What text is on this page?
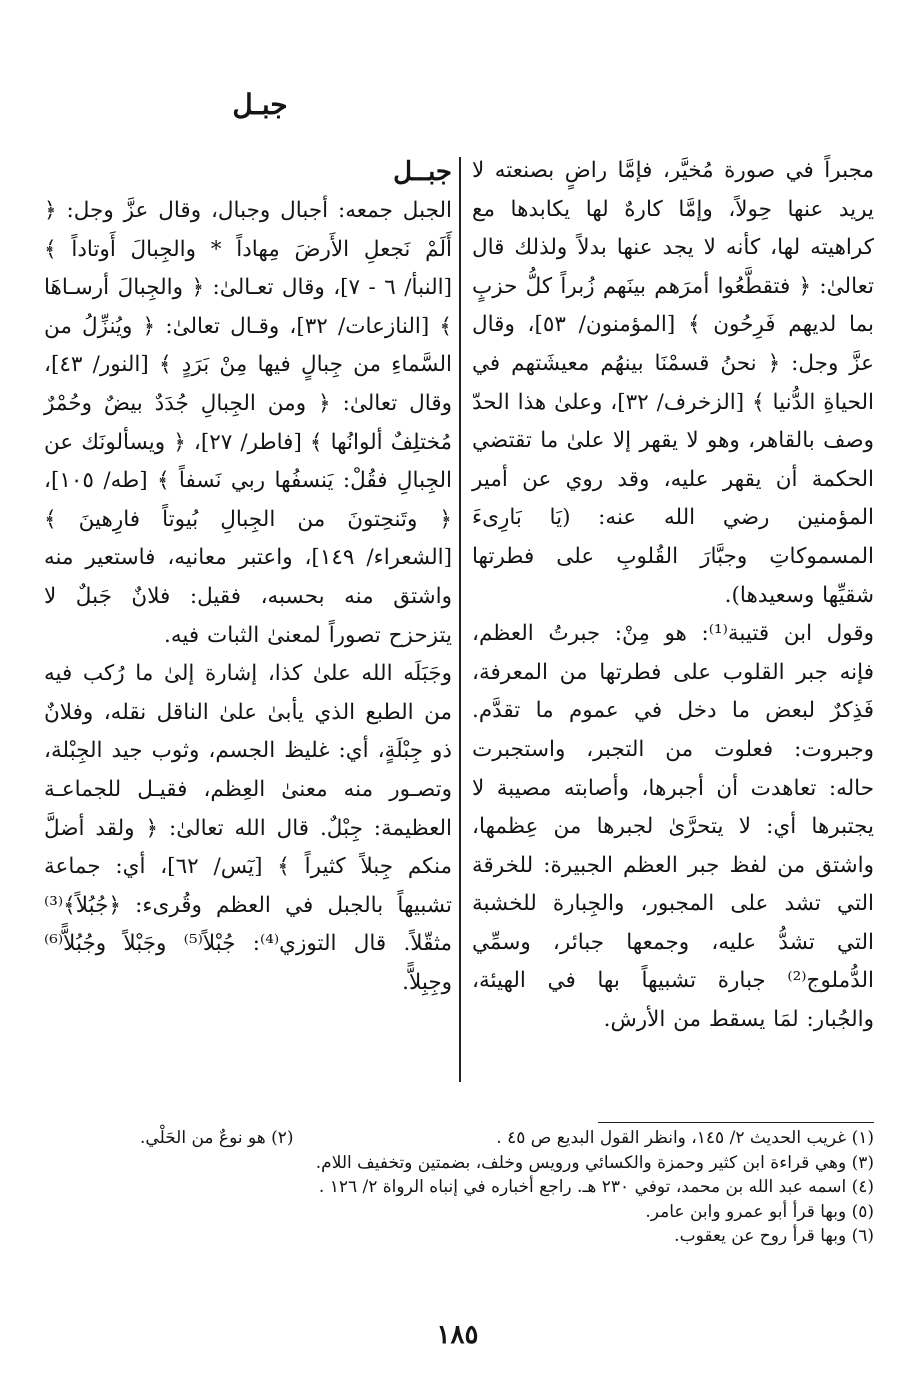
جبـل

مجبراً في صورة مُخيَّر، فإمَّا راضٍ بصنعته لا يريد عنها حِولاً، وإمَّا كارهٌ لها يكابدها مع كراهيته لها، كأنه لا يجد عنها بدلاً ولذلك قال تعالىٰ: ﴿ فتقطَّعُوا أمرَهم بينَهم زُبراً كلُّ حزبٍ بما لديهم فَرِحُون ﴾ [المؤمنون/ ٥٣]، وقال عزَّ وجل: ﴿ نحنُ قسمْنَا بينهُم معيشَتهم في الحياةِ الدُّنيا ﴾ [الزخرف/ ٣٢]، وعلىٰ هذا الحدّ وصف بالقاهر، وهو لا يقهر إلا علىٰ ما تقتضي الحكمة أن يقهر عليه، وقد روي عن أمير المؤمنين رضي الله عنه: (يَا بَارِىءَ المسموكاتِ وجبَّارَ القُلوبِ على فطرتها شقيِّها وسعيدها).

وقول ابن قتيبة⁽¹⁾: هو مِنْ: جبرتُ العظم، فإنه جبر القلوب على فطرتها من المعرفة، فَذِكرٌ لبعض ما دخل في عموم ما تقدَّم. وجبروت: فعلوت من التجبر، واستجبرت حاله: تعاهدت أن أجبرها، وأصابته مصيبة لا يجتبرها أي: لا يتحرَّىٰ لجبرها من عِظمها، واشتق من لفظ جبر العظم الجبيرة: للخرقة التي تشد على المجبور، والجِبارة للخشبة التي تشدُّ عليه، وجمعها جبائر، وسمِّي الدُّملوج⁽²⁾ جبارة تشبيهاً بها في الهيئة، والجُبار: لمَا يسقط من الأرش.

جبــل

الجبل جمعه: أجبال وجبال، وقال عزَّ وجل: ﴿ أَلَمْ نَجعلِ الأَرضَ مِهاداً * والجِبالَ أَوتاداً ﴾ [النبأ/ ٦ - ٧]، وقال تعـالىٰ: ﴿ والجِبالَ أرسـاهَا ﴾ [النازعات/ ٣٢]، وقـال تعالىٰ: ﴿ ويُنزِّلُ من السَّماءِ من جِبالٍ فيها مِنْ بَرَدٍ ﴾ [النور/ ٤٣]، وقال تعالىٰ: ﴿ ومن الجِبالِ جُدَدٌ بيضٌ وحُمْرٌ مُختلِفٌ ألوانُها ﴾ [فاطر/ ٢٧]، ﴿ ويسألونَك عن الجِبالِ فقُلْ: يَنسفُها ربي نَسفاً ﴾ [طه/ ١٠٥]، ﴿ وتَنحِتونَ من الجِبالِ بُيوتاً فارِهينَ ﴾ [الشعراء/ ١٤٩]، واعتبر معانيه، فاستعير منه واشتق منه بحسبه، فقيل: فلانٌ جَبلٌ لا يتزحزح تصوراً لمعنىٰ الثبات فيه.

وجَبَلَه الله علىٰ كذا، إشارة إلىٰ ما رُكب فيه من الطبع الذي يأبىٰ علىٰ الناقل نقله، وفلانٌ ذو جِبْلَةٍ، أي: غليظ الجسم، وثوب جيد الجِبْلة، وتصـور منه معنىٰ العِظم، فقيـل للجماعـة العظيمة: جِبْلٌ. قال الله تعالىٰ: ﴿ ولقد أضلَّ منكم جِبلاً كثيراً ﴾ [يٓس/ ٦٢]، أي: جماعة تشبيهاً بالجبل في العظم وقُرىء: ﴿جُبُلاً﴾⁽³⁾ مثقّلاً. قال التوزي⁽⁴⁾: جُبْلاً⁽⁵⁾ وجَبْلاً وجُبُلاًّ⁽⁶⁾ وجِبِلاًّ.

(١) غريب الحديث ٢/ ١٤٥، وانظر القول البديع ص ٤٥ .
(٢) هو نوعٌ من الحَلْي.

(٣) وهي قراءة ابن كثير وحمزة والكسائي ورويس وخلف، بضمتين وتخفيف اللام.

(٤) اسمه عبد الله بن محمد، توفي ٢٣٠ هـ. راجع أخباره في إنباه الرواة ٢/ ١٢٦ .

(٥) وبها قرأ أبو عمرو وابن عامر.

(٦) وبها قرأ روح عن يعقوب.

١٨٥
